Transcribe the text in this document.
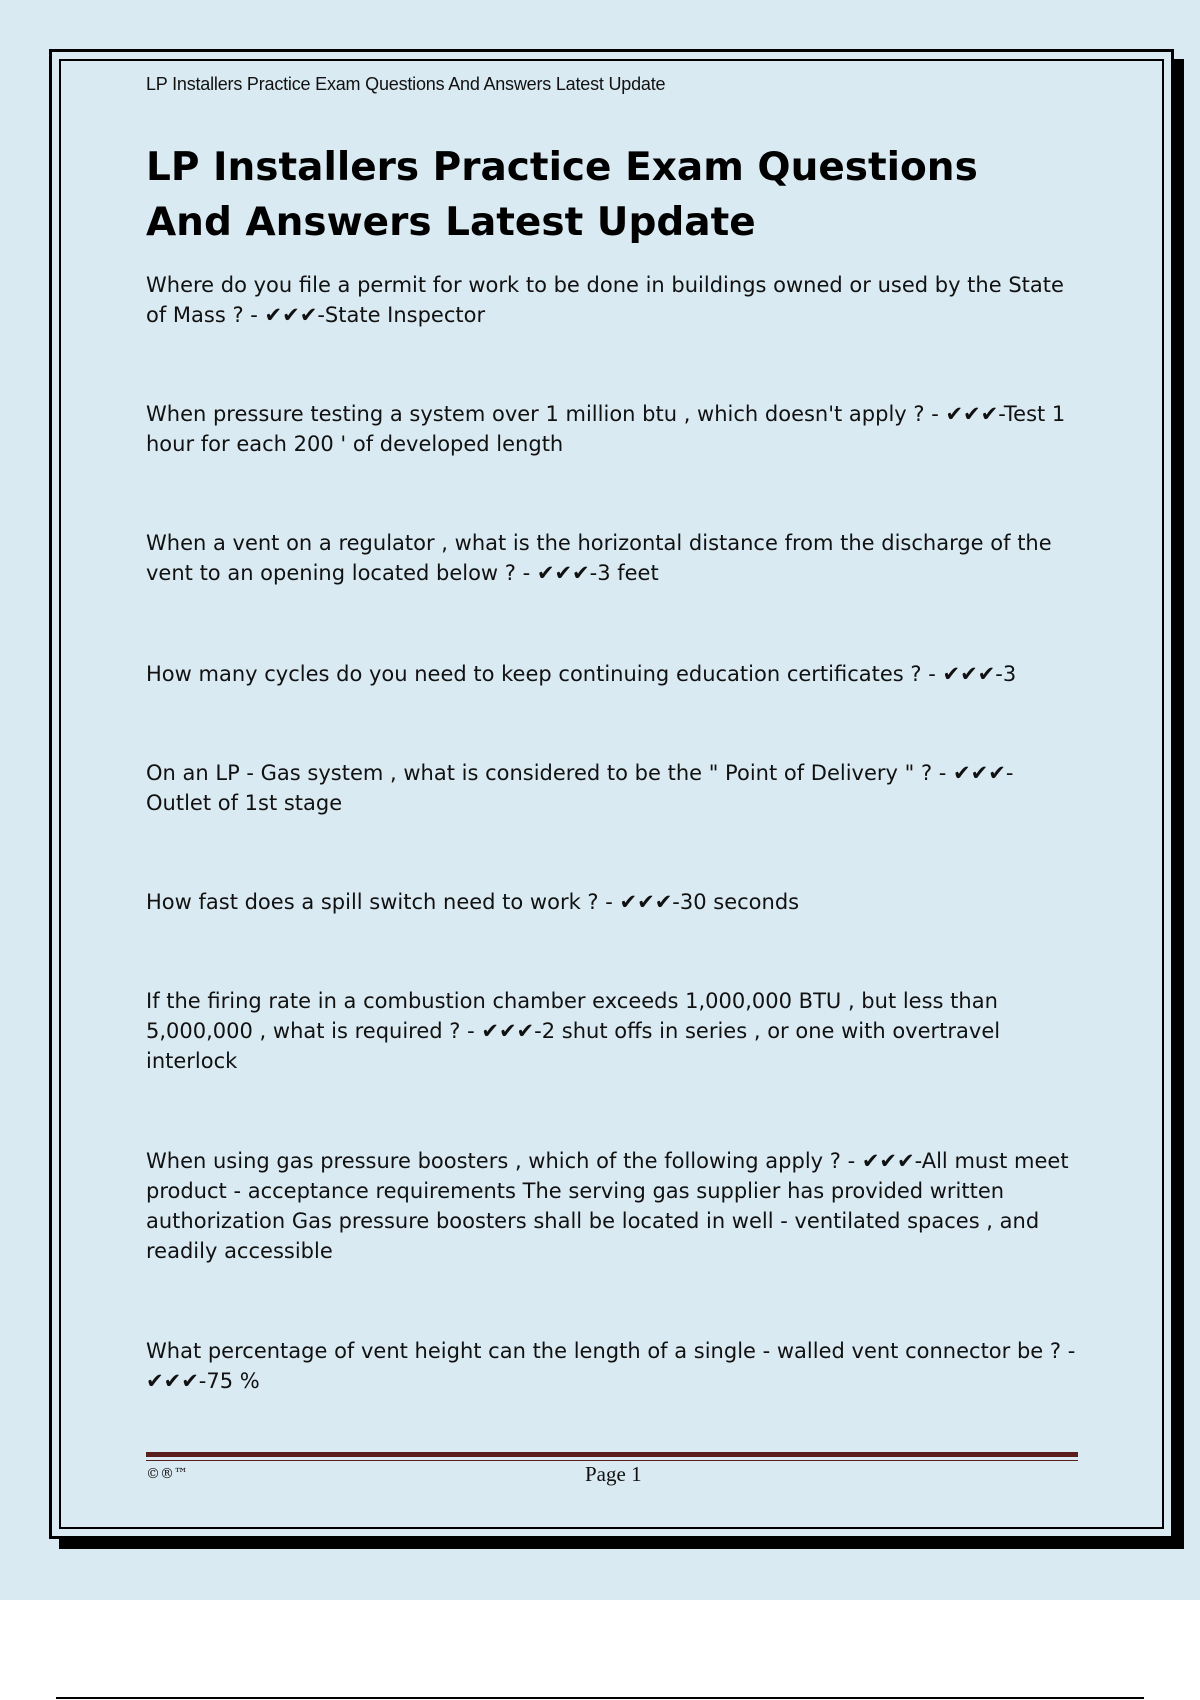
LP Installers Practice Exam Questions And Answers Latest Update
LP Installers Practice Exam Questions And Answers Latest Update

Where do you file a permit for work to be done in buildings owned or used by the State of Mass ? - ✔✔✔-State Inspector

When pressure testing a system over 1 million btu , which doesn't apply ? - ✔✔✔-Test 1 hour for each 200 ' of developed length

When a vent on a regulator , what is the horizontal distance from the discharge of the vent to an opening located below ? - ✔✔✔-3 feet

How many cycles do you need to keep continuing education certificates ? - ✔✔✔-3

On an LP - Gas system , what is considered to be the " Point of Delivery " ? - ✔✔✔-Outlet of 1st stage

How fast does a spill switch need to work ? - ✔✔✔-30 seconds

If the firing rate in a combustion chamber exceeds 1,000,000 BTU , but less than 5,000,000 , what is required ? - ✔✔✔-2 shut offs in series , or one with overtravel interlock

When using gas pressure boosters , which of the following apply ? - ✔✔✔-All must meet product - acceptance requirements The serving gas supplier has provided written authorization Gas pressure boosters shall be located in well - ventilated spaces , and readily accessible

What percentage of vent height can the length of a single - walled vent connector be ? - ✔✔✔-75 %

©®™	Page 1
